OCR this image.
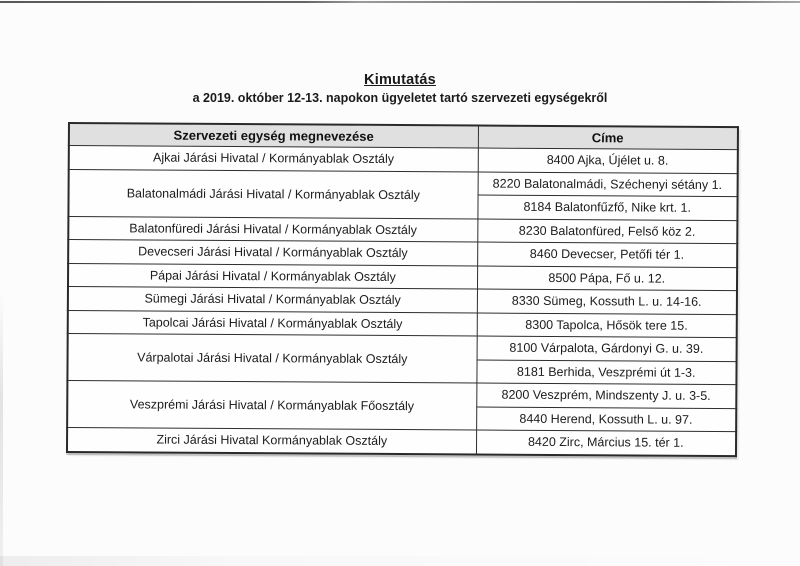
Kimutatás
a 2019. október 12-13. napokon ügyeletet tartó szervezeti egységekről
Szervezeti egység megnevezése	Címe
Ajkai Járási Hivatal / Kormányablak Osztály	8400 Ajka, Újélet u. 8.
Balatonalmádi Járási Hivatal / Kormányablak Osztály	8220 Balatonalmádi, Széchenyi sétány 1.
	8184 Balatonfűzfő, Nike krt. 1.
Balatonfüredi Járási Hivatal / Kormányablak Osztály	8230 Balatonfüred, Felső köz 2.
Devecseri Járási Hivatal / Kormányablak Osztály	8460 Devecser, Petőfi tér 1.
Pápai Járási Hivatal / Kormányablak Osztály	8500 Pápa, Fő u. 12.
Sümegi Járási Hivatal / Kormányablak Osztály	8330 Sümeg, Kossuth L. u. 14-16.
Tapolcai Járási Hivatal / Kormányablak Osztály	8300 Tapolca, Hősök tere 15.
Várpalotai Járási Hivatal / Kormányablak Osztály	8100 Várpalota, Gárdonyi G. u. 39.
	8181 Berhida, Veszprémi út 1-3.
Veszprémi Járási Hivatal / Kormányablak Főosztály	8200 Veszprém, Mindszenty J. u. 3-5.
	8440 Herend, Kossuth L. u. 97.
Zirci Járási Hivatal Kormányablak Osztály	8420 Zirc, Március 15. tér 1.
